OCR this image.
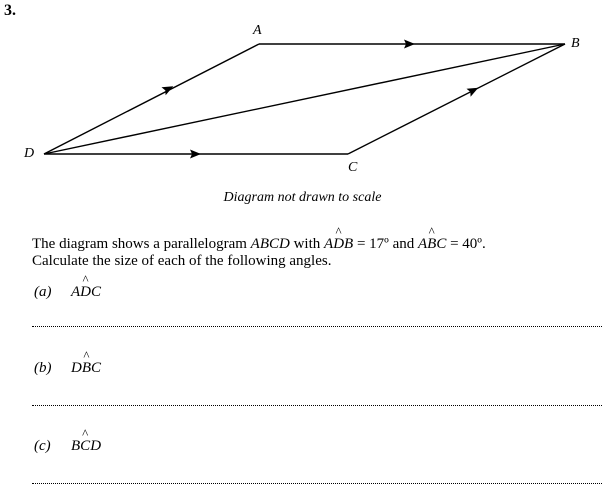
3.
A
B
C
D
Diagram not drawn to scale
The diagram shows a parallelogram ABCD with A
^
DB = 17º and A
^
BC = 40º.
Calculate the size of each of the following angles.
(a) A
^
DC
(b) D
^
BC
(c) B
^
CD
